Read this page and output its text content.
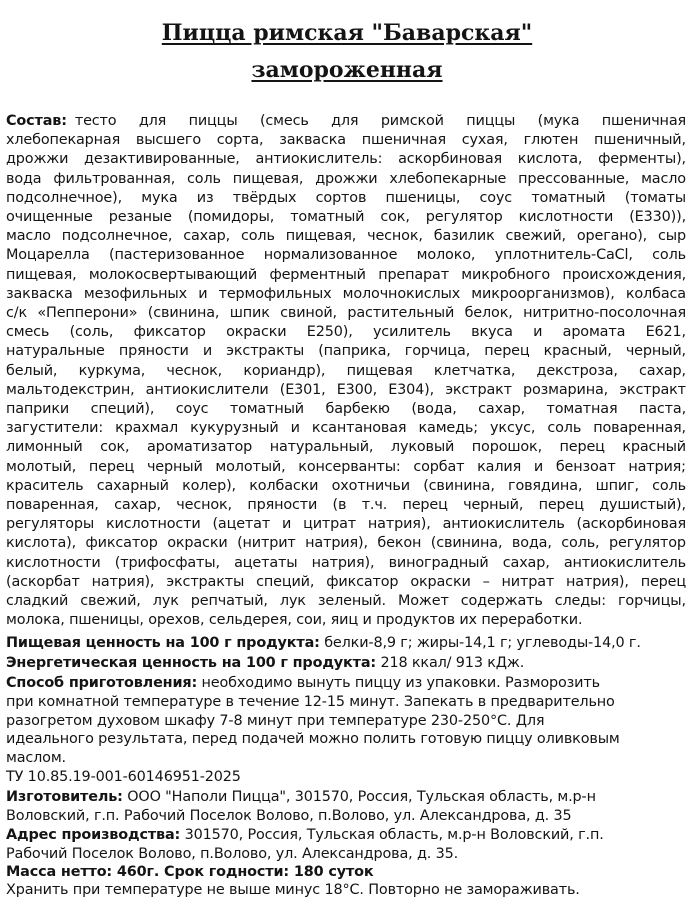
Пицца римская "Баварская"
замороженная
Состав: тесто для пиццы (смесь для римской пиццы (мука пшеничная
хлебопекарная высшего сорта, закваска пшеничная сухая, глютен пшеничный,
дрожжи дезактивированные, антиокислитель: аскорбиновая кислота, ферменты),
вода фильтрованная, соль пищевая, дрожжи хлебопекарные прессованные, масло
подсолнечное), мука из твёрдых сортов пшеницы, соус томатный (томаты
очищенные резаные (помидоры, томатный сок, регулятор кислотности (E330)),
масло подсолнечное, сахар, соль пищевая, чеснок, базилик свежий, орегано), сыр
Моцарелла (пастеризованное нормализованное молоко, уплотнитель-CaCl, соль
пищевая, молокосвертывающий ферментный препарат микробного происхождения,
закваска мезофильных и термофильных молочнокислых микроорганизмов), колбаса
с/к «Пепперони» (свинина, шпик свиной, растительный белок, нитритно-посолочная
смесь (соль, фиксатор окраски E250), усилитель вкуса и аромата E621,
натуральные пряности и экстракты (паприка, горчица, перец красный, черный,
белый, куркума, чеснок, кориандр), пищевая клетчатка, декстроза, сахар,
мальтодекстрин, антиокислители (E301, E300, E304), экстракт розмарина, экстракт
паприки специй), соус томатный барбекю (вода, сахар, томатная паста,
загустители: крахмал кукурузный и ксантановая камедь; уксус, соль поваренная,
лимонный сок, ароматизатор натуральный, луковый порошок, перец красный
молотый, перец черный молотый, консерванты: сорбат калия и бензоат натрия;
краситель сахарный колер), колбаски охотничьи (свинина, говядина, шпиг, соль
поваренная, сахар, чеснок, пряности (в т.ч. перец черный, перец душистый),
регуляторы кислотности (ацетат и цитрат натрия), антиокислитель (аскорбиновая
кислота), фиксатор окраски (нитрит натрия), бекон (свинина, вода, соль, регулятор
кислотности (трифосфаты, ацетаты натрия), виноградный сахар, антиокислитель
(аскорбат натрия), экстракты специй, фиксатор окраски – нитрат натрия), перец
сладкий свежий, лук репчатый, лук зеленый. Может содержать следы: горчицы,
молока, пшеницы, орехов, сельдерея, сои, яиц и продуктов их переработки.
Пищевая ценность на 100 г продукта: белки-8,9 г; жиры-14,1 г; углеводы-14,0 г.
Энергетическая ценность на 100 г продукта: 218 ккал/ 913 кДж.
Способ приготовления: необходимо вынуть пиццу из упаковки. Разморозить
при комнатной температуре в течение 12-15 минут. Запекать в предварительно
разогретом духовом шкафу 7-8 минут при температуре 230-250°С. Для
идеального результата, перед подачей можно полить готовую пиццу оливковым
маслом.
ТУ 10.85.19-001-60146951-2025
Изготовитель: ООО "Наполи Пицца", 301570, Россия, Тульская область, м.р-н
Воловский, г.п. Рабочий Поселок Волово, п.Волово, ул. Александрова, д. 35
Адрес производства: 301570, Россия, Тульская область, м.р-н Воловский, г.п.
Рабочий Поселок Волово, п.Волово, ул. Александрова, д. 35.
Масса нетто: 460г. Срок годности: 180 суток
Хранить при температуре не выше минус 18°С. Повторно не замораживать.
